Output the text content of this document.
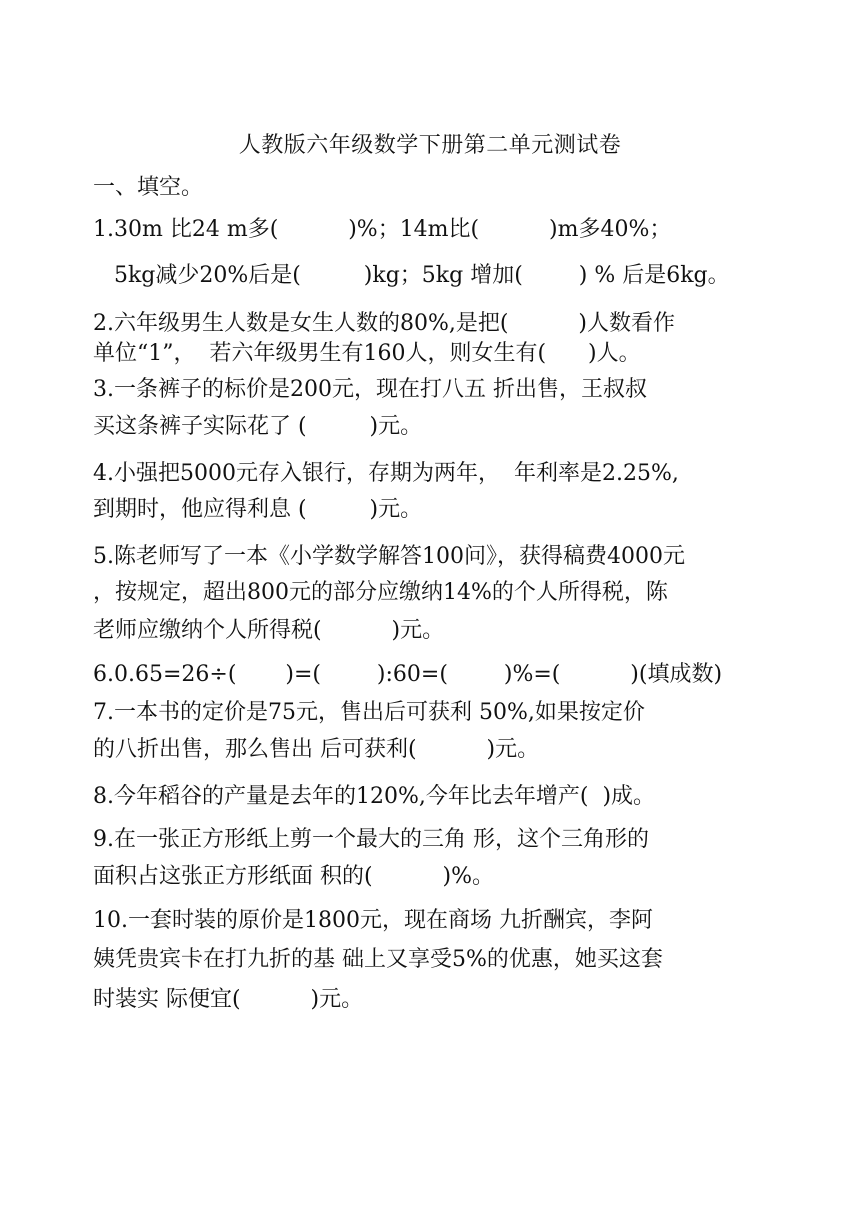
人教版六年级数学下册第二单元测试卷
一、填空。
1.30m 比24 m多(          )%；14m比(          )m多40%；
5kg减少20%后是(         )kg；5kg 增加(        ) % 后是6kg。
2.六年级男生人数是女生人数的80%,是把(          )人数看作
单位“1”，  若六年级男生有160人，则女生有(      )人。
3.一条裤子的标价是200元，现在打八五 折出售，王叔叔
买这条裤子实际花了 (         )元。
4.小强把5000元存入银行，存期为两年，  年利率是2.25%,
到期时，他应得利息 (         )元。
5.陈老师写了一本《小学数学解答100问》，获得稿费4000元
，按规定，超出800元的部分应缴纳14%的个人所得税，陈
老师应缴纳个人所得税(          )元。
6.0.65=26÷(       )=(        ):60=(        )%=(          )(填成数)
7.一本书的定价是75元，售出后可获利 50%,如果按定价
的八折出售，那么售出 后可获利(          )元。
8.今年稻谷的产量是去年的120%,今年比去年增产(  )成。
9.在一张正方形纸上剪一个最大的三角 形，这个三角形的
面积占这张正方形纸面 积的(          )%。
10.一套时装的原价是1800元，现在商场 九折酬宾，李阿
姨凭贵宾卡在打九折的基 础上又享受5%的优惠，她买这套
时装实 际便宜(          )元。
